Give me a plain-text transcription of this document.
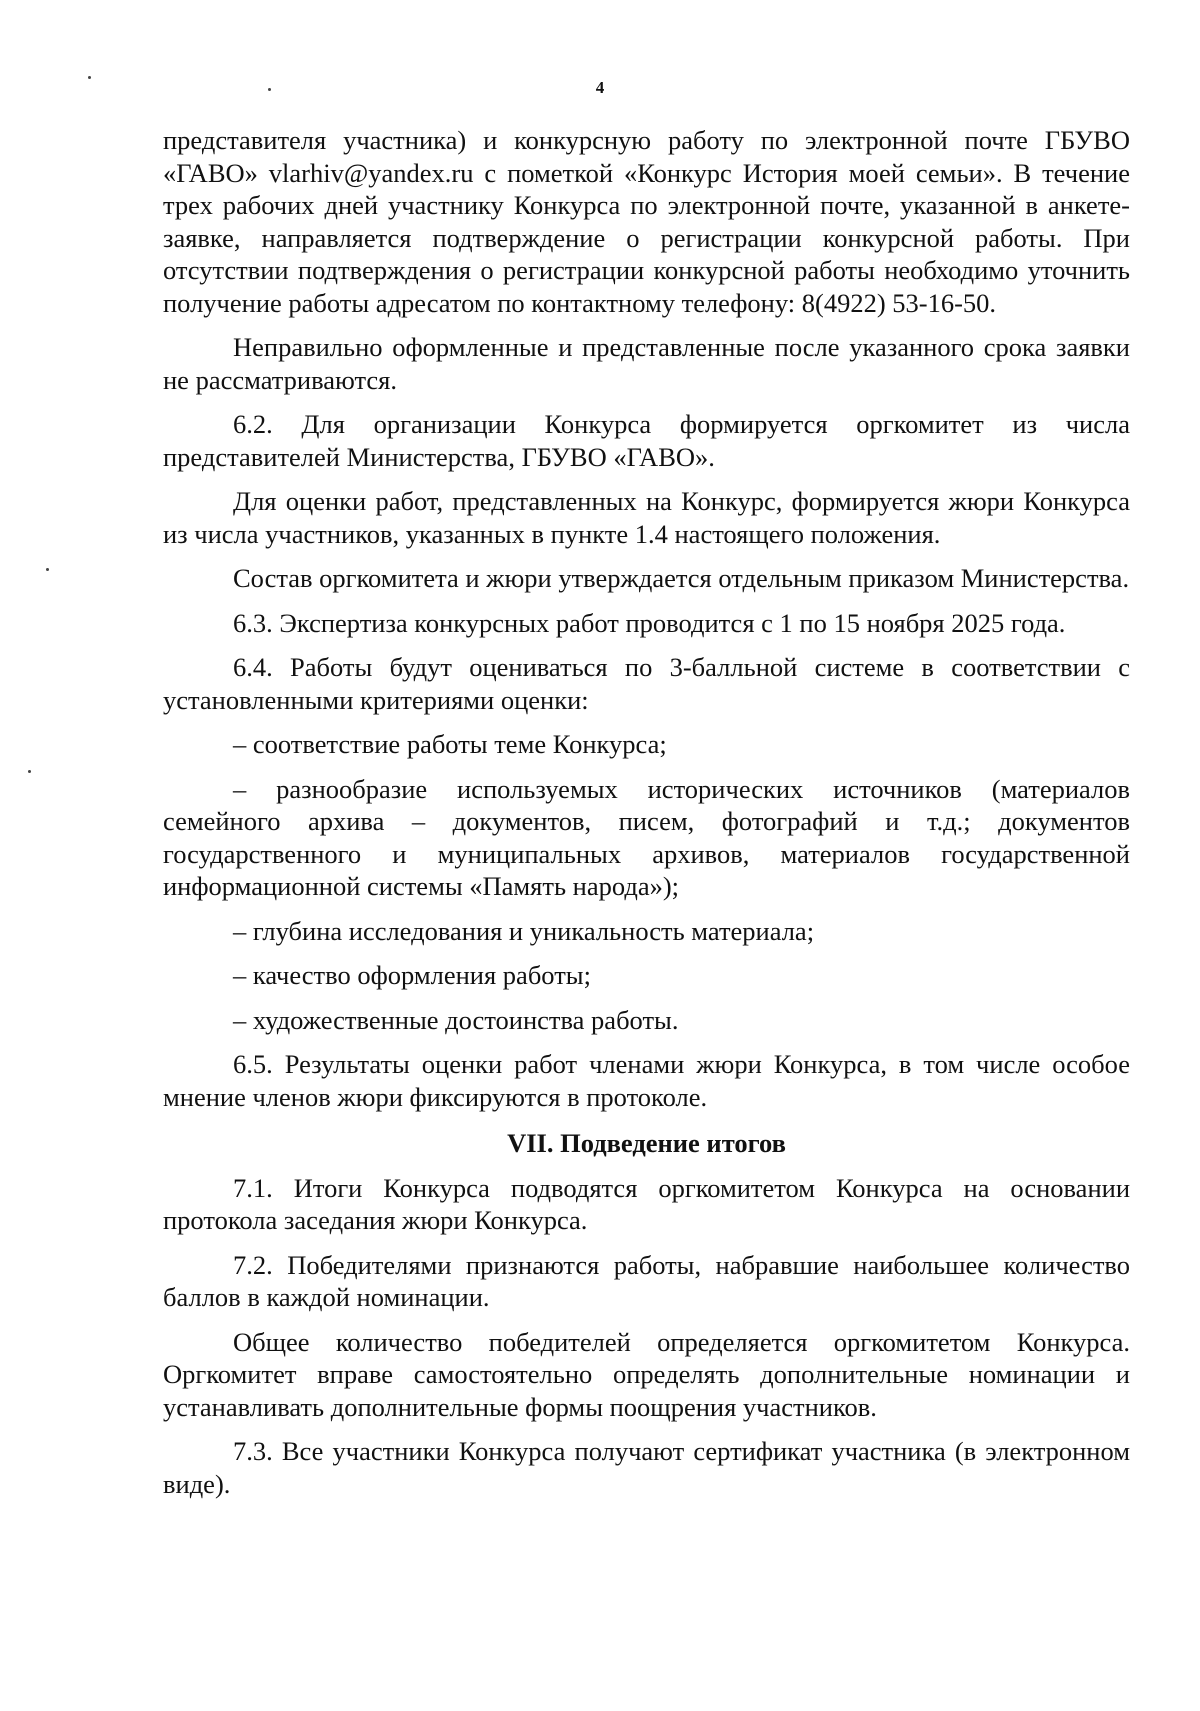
4

представителя участника) и конкурсную работу по электронной почте ГБУВО «ГАВО» vlarhiv@yandex.ru с пометкой «Конкурс История моей семьи». В течение трех рабочих дней участнику Конкурса по электронной почте, указанной в анкете-заявке, направляется подтверждение о регистрации конкурсной работы. При отсутствии подтверждения о регистрации конкурсной работы необходимо уточнить получение работы адресатом по контактному телефону: 8(4922) 53-16-50.

Неправильно оформленные и представленные после указанного срока заявки не рассматриваются.

6.2. Для организации Конкурса формируется оргкомитет из числа представителей Министерства, ГБУВО «ГАВО».

Для оценки работ, представленных на Конкурс, формируется жюри Конкурса из числа участников, указанных в пункте 1.4 настоящего положения.

Состав оргкомитета и жюри утверждается отдельным приказом Министерства.

6.3. Экспертиза конкурсных работ проводится с 1 по 15 ноября 2025 года.

6.4. Работы будут оцениваться по 3-балльной системе в соответствии с установленными критериями оценки:

– соответствие работы теме Конкурса;

– разнообразие используемых исторических источников (материалов семейного архива – документов, писем, фотографий и т.д.; документов государственного и муниципальных архивов, материалов государственной информационной системы «Память народа»);

– глубина исследования и уникальность материала;

– качество оформления работы;

– художественные достоинства работы.

6.5. Результаты оценки работ членами жюри Конкурса, в том числе особое мнение членов жюри фиксируются в протоколе.

VII. Подведение итогов

7.1. Итоги Конкурса подводятся оргкомитетом Конкурса на основании протокола заседания жюри Конкурса.

7.2. Победителями признаются работы, набравшие наибольшее количество баллов в каждой номинации.

Общее количество победителей определяется оргкомитетом Конкурса. Оргкомитет вправе самостоятельно определять дополнительные номинации и устанавливать дополнительные формы поощрения участников.

7.3. Все участники Конкурса получают сертификат участника (в электронном виде).
